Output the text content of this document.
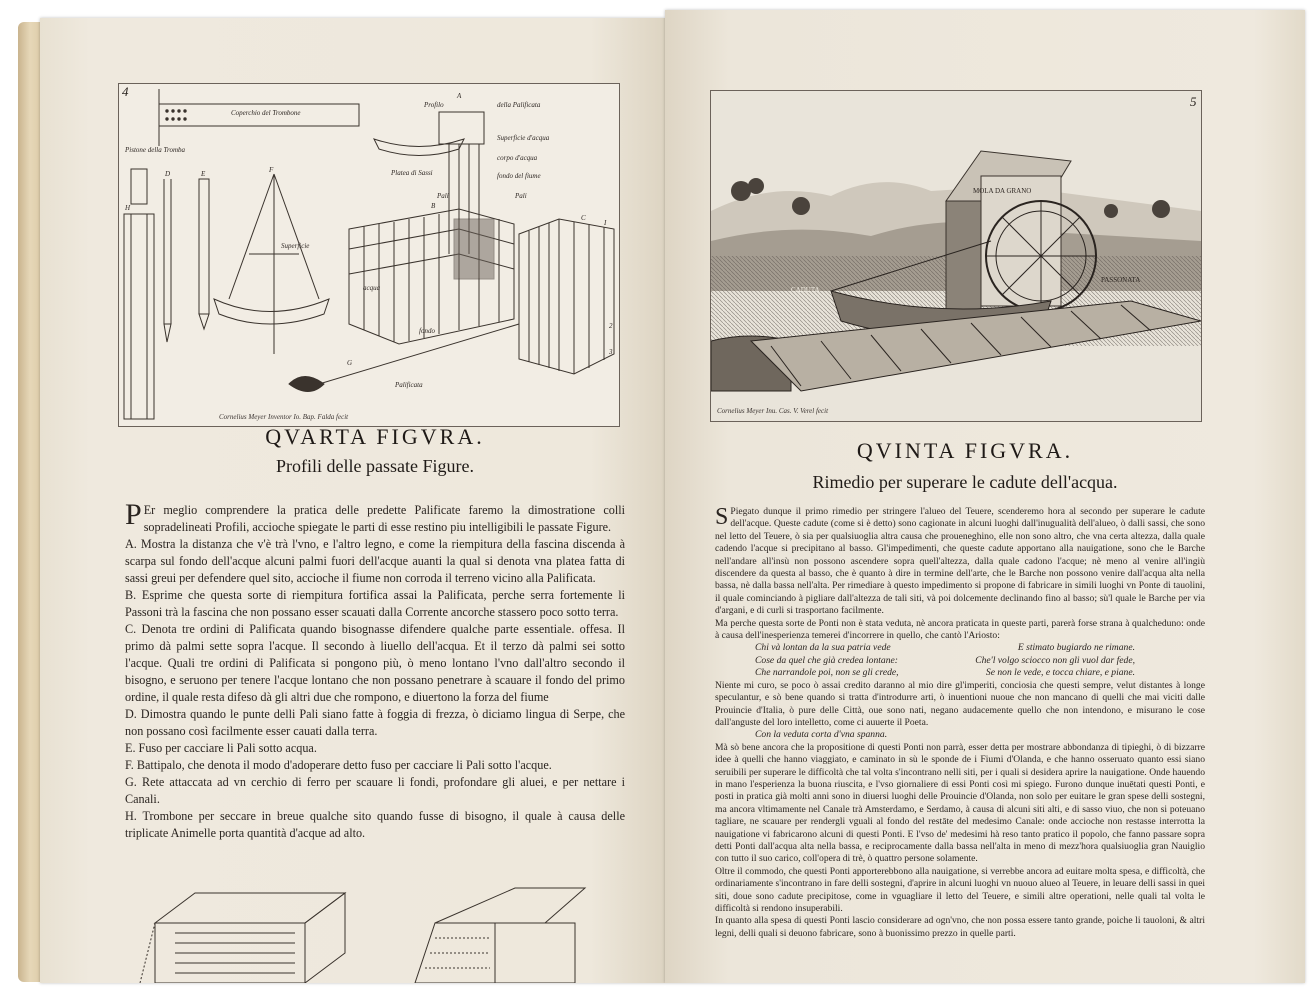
Coperchio del Trombone
Profilo
A
della Palificata
Superficie d'acqua
corpo d'acqua
fondo del fiume
Platea di Sassi
Pistone della Tromba
D	E	F
H	B
C
I
G
Pali	Pali
Superficie
acqua
fondo
Palificata
2
3
Cornelius Meyer Inventor Io. Bap. Falda fecit
4
QVARTA FIGVRA.
Profili delle passate Figure.

P Er meglio comprendere la pratica delle predette Palificate faremo la dimostratione colli sopradelineati Profili, accioche spiegate le parti di esse restino piu intelligibili le passate Figure.

A. Mostra la distanza che v'è trà l'vno, e l'altro legno, e come la riempitura della fascina discenda à scarpa sul fondo dell'acque alcuni palmi fuori dell'acque auanti la qual si denota vna platea fatta di sassi greui per defendere quel sito, accioche il fiume non corroda il terreno vicino alla Palificata.

B. Esprime che questa sorte di riempitura fortifica assai la Palificata, perche serra fortemente li Passoni trà la fascina che non possano esser scauati dalla Corrente ancorche stassero poco sotto terra.

C. Denota tre ordini di Palificata quando bisognasse difendere qualche parte essentiale. offesa. Il primo dà palmi sette sopra l'acque. Il secondo à liuello dell'acqua. Et il terzo dà palmi sei sotto l'acque. Quali tre ordini di Palificata si pongono più, ò meno lontano l'vno dall'altro secondo il bisogno, e seruono per tenere l'acque lontano che non possano penetrare à scauare il fondo del primo ordine, il quale resta difeso dà gli altri due che rompono, e diuertono la forza del fiume

D. Dimostra quando le punte delli Pali siano fatte à foggia di frezza, ò diciamo lingua di Serpe, che non possano così facilmente esser cauati dalla terra.

E. Fuso per cacciare li Pali sotto acqua.

F. Battipalo, che denota il modo d'adoperare detto fuso per cacciare li Pali sotto l'acque.

G. Rete attaccata ad vn cerchio di ferro per scauare li fondi, profondare gli aluei, e per nettare i Canali.

H. Trombone per seccare in breue qualche sito quando fusse di bisogno, il quale à causa delle triplicate Animelle porta quantità d'acque ad alto.

MOLA DA GRANO
CADUTA
PASSONATA
Cornelius Meyer Inu. Cas. V. Verel fecit
5
QVINTA FIGVRA.
Rimedio per superare le cadute dell'acqua.

S Piegato dunque il primo rimedio per stringere l'alueo del Teuere, scenderemo hora al secondo per superare le cadute dell'acque. Queste cadute (come si è detto) sono cagionate in alcuni luoghi dall'inugualità dell'alueo, ò dalli sassi, che sono nel letto del Teuere, ò sia per qualsiuoglia altra causa che proueneghino, elle non sono altro, che vna certa altezza, dalla quale cadendo l'acque si precipitano al basso. Gl'impedimenti, che queste cadute apportano alla nauigatione, sono che le Barche nell'andare all'insù non possono ascendere sopra quell'altezza, dalla quale cadono l'acque; nè meno al venire all'ingiù discendere da questa al basso, che è quanto à dire in termine dell'arte, che le Barche non possono venire dall'acqua alta nella bassa, nè dalla bassa nell'alta. Per rimediare à questo impedimento si propone di fabricare in simili luoghi vn Ponte di tauolini, il quale cominciando à pigliare dall'altezza de tali siti, và poi dolcemente declinando fino al basso; sù'l quale le Barche per via d'argani, e di curli si trasportano facilmente.

Ma perche questa sorte de Ponti non è stata veduta, nè ancora praticata in queste parti, parerà forse strana à qualcheduno: onde à causa dell'inesperienza temerei d'incorrere in quello, che cantò l'Ariosto:

Chi và lontan da la sua patria vede	E stimato bugiardo ne rimane.
Cose da quel che già credea lontane:	Che'l volgo sciocco non gli vuol dar fede,
Che narrandole poi, non se gli crede,	Se non le vede, e tocca chiare, e piane.

Niente mi curo, se poco ò assai credito daranno al mio dire gl'imperiti, conciosia che questi sempre, velut distantes à longe speculantur, e sò bene quando si tratta d'introdurre arti, ò inuentioni nuoue che non mancano di quelli che mai viciti dalle Prouincie d'Italia, ò pure delle Città, oue sono nati, negano audacemente quello che non intendono, e misurano le cose dall'anguste del loro intelletto, come ci auuerte il Poeta.

Con la veduta corta d'vna spanna.

Mà sò bene ancora che la propositione di questi Ponti non parrà, esser detta per mostrare abbondanza di tipieghi, ò di bizzarre idee à quelli che hanno viaggiato, e caminato in sù le sponde de i Fiumi d'Olanda, e che hanno osseruato quanto essi siano seruibili per superare le difficoltà che tal volta s'incontrano nelli siti, per i quali si desidera aprire la nauigatione. Onde hauendo in mano l'esperienza la buona riuscita, e l'vso giornaliere di essi Ponti così mi spiego. Furono dunque inuētati questi Ponti, e posti in pratica già molti anni sono in diuersi luoghi delle Prouincie d'Olanda, non solo per euitare le gran spese delli sostegni, ma ancora vltimamente nel Canale trà Amsterdamo, e Serdamo, à causa di alcuni siti alti, e di sasso viuo, che non si poteuano tagliare, ne scauare per rendergli vguali al fondo del restāte del medesimo Canale: onde accioche non restasse interrotta la nauigatione vi fabricarono alcuni di questi Ponti. E l'vso de' medesimi hà reso tanto pratico il popolo, che fanno passare sopra detti Ponti dall'acqua alta nella bassa, e reciprocamente dalla bassa nell'alta in meno di mezz'hora qualsiuoglia gran Nauiglio con tutto il suo carico, coll'opera di trè, ò quattro persone solamente.

Oltre il commodo, che questi Ponti apporterebbono alla nauigatione, si verrebbe ancora ad euitare molta spesa, e difficoltà, che ordinariamente s'incontrano in fare delli sostegni, d'aprire in alcuni luoghi vn nuouo alueo al Teuere, in leuare delli sassi in quei siti, doue sono cadute precipitose, come in vguagliare il letto del Teuere, e simili altre operationi, nelle quali tal volta le difficoltà si rendono insuperabili.

In quanto alla spesa di questi Ponti lascio considerare ad ogn'vno, che non possa essere tanto grande, poiche li tauoloni, & altri legni, delli quali si deuono fabricare, sono à buonissimo prezzo in quelle parti.
